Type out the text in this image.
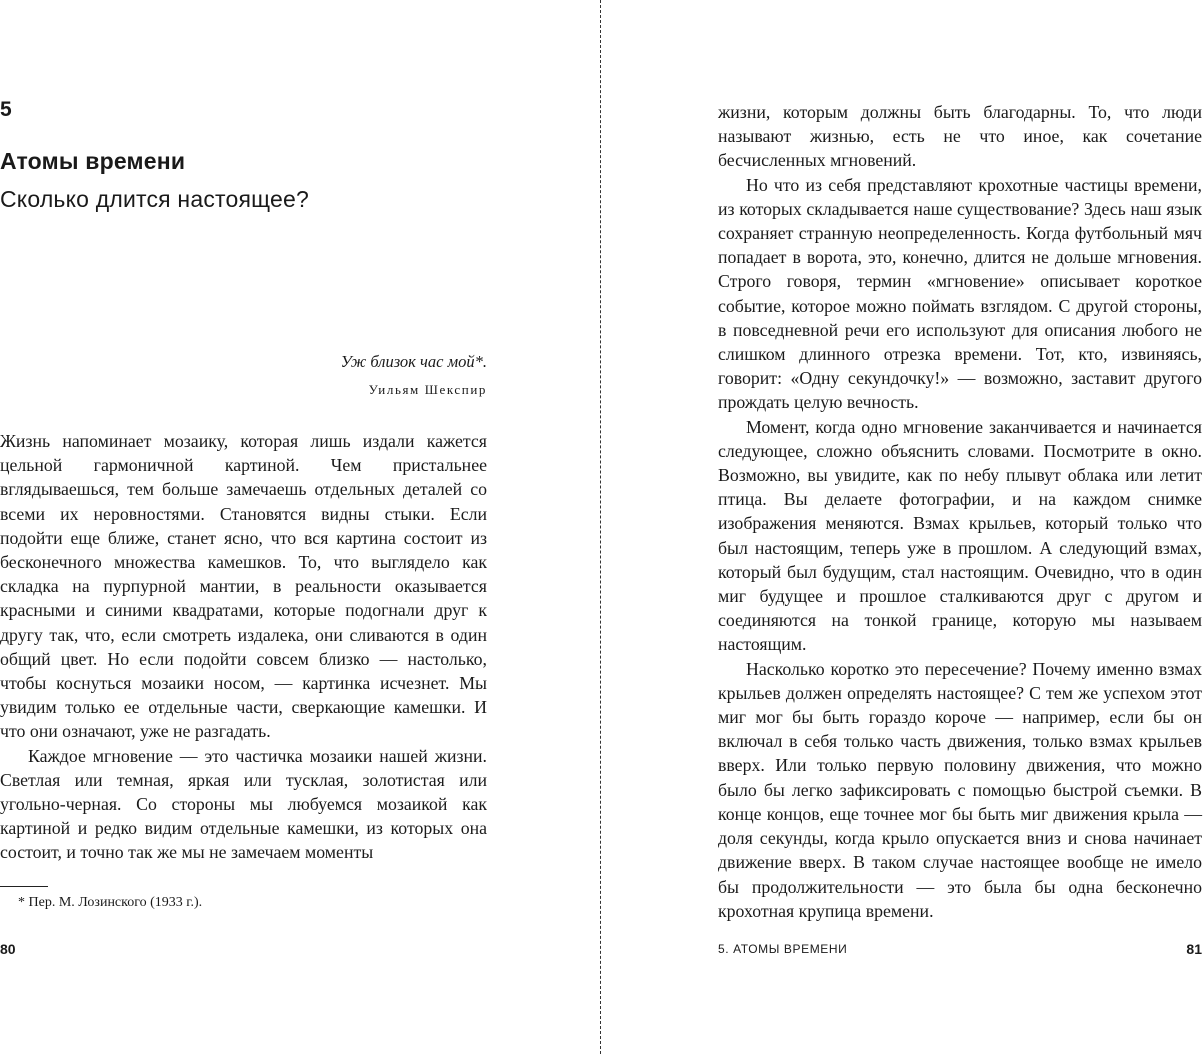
5
Атомы времени
Сколько длится настоящее?
Уж близок час мой*.
Уильям Шекспир

Жизнь напоминает мозаику, которая лишь издали кажется цельной гармоничной картиной. Чем пристальнее вглядываешься, тем больше замечаешь отдельных деталей со всеми их неровностями. Становятся видны стыки. Если подойти еще ближе, станет ясно, что вся картина состоит из бесконечного множества камешков. То, что выглядело как складка на пурпурной мантии, в реальности оказывается красными и синими квадратами, которые подогнали друг к другу так, что, если смотреть издалека, они сливаются в один общий цвет. Но если подойти совсем близко — настолько, чтобы коснуться мозаики носом, — картинка исчезнет. Мы увидим только ее отдельные части, сверкающие камешки. И что они означают, уже не разгадать.

Каждое мгновение — это частичка мозаики нашей жизни. Светлая или темная, яркая или тусклая, золотистая или угольно-черная. Со стороны мы любуемся мозаикой как картиной и редко видим отдельные камешки, из которых она состоит, и точно так же мы не замечаем моменты

* Пер. М. Лозинского (1933 г.).
80

жизни, которым должны быть благодарны. То, что люди называют жизнью, есть не что иное, как сочетание бесчисленных мгновений.

Но что из себя представляют крохотные частицы времени, из которых складывается наше существование? Здесь наш язык сохраняет странную неопределенность. Когда футбольный мяч попадает в ворота, это, конечно, длится не дольше мгновения. Строго говоря, термин «мгновение» описывает короткое событие, которое можно поймать взглядом. С другой стороны, в повседневной речи его используют для описания любого не слишком длинного отрезка времени. Тот, кто, извиняясь, говорит: «Одну секундочку!» — возможно, заставит другого прождать целую вечность.

Момент, когда одно мгновение заканчивается и начинается следующее, сложно объяснить словами. Посмотрите в окно. Возможно, вы увидите, как по небу плывут облака или летит птица. Вы делаете фотографии, и на каждом снимке изображения меняются. Взмах крыльев, который только что был настоящим, теперь уже в прошлом. А следующий взмах, который был будущим, стал настоящим. Очевидно, что в один миг будущее и прошлое сталкиваются друг с другом и соединяются на тонкой границе, которую мы называем настоящим.

Насколько коротко это пересечение? Почему именно взмах крыльев должен определять настоящее? С тем же успехом этот миг мог бы быть гораздо короче — например, если бы он включал в себя только часть движения, только взмах крыльев вверх. Или только первую половину движения, что можно было бы легко зафиксировать с помощью быстрой съемки. В конце концов, еще точнее мог бы быть миг движения крыла — доля секунды, когда крыло опускается вниз и снова начинает движение вверх. В таком случае настоящее вообще не имело бы продолжительности — это была бы одна бесконечно крохотная крупица времени.

5. АТОМЫ ВРЕМЕНИ	81
